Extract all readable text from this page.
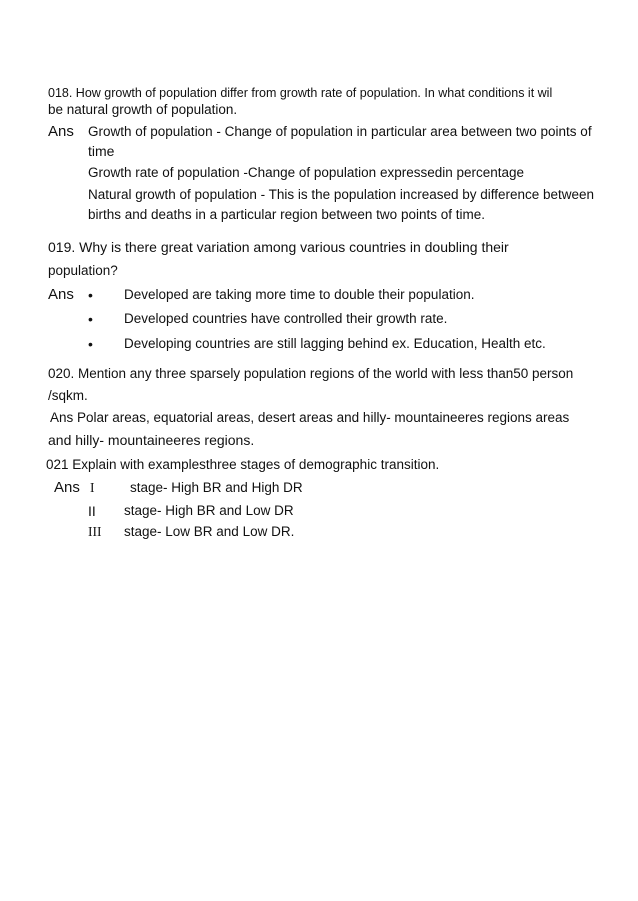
018. How growth of population differ from growth rate of population. In what conditions it wil
be natural growth of population.
Ans Growth of population - Change of population in particular area between two points of
time
Growth rate of population -Change of population expressedin percentage
Natural growth of population - This is the population increased by difference between
births and deaths in a particular region between two points of time.
019. Why is there great variation among various countries in doubling their
population?
Ans • Developed are taking more time to double their population.
• Developed countries have controlled their growth rate.
• Developing countries are still lagging behind ex. Education, Health etc.
020. Mention any three sparsely population regions of the world with less than50 person
/sqkm.
Ans Polar areas, equatorial areas, desert areas and hilly- mountaineeres regions areas
and hilly- mountaineeres regions.
021 Explain with examplesthree stages of demographic transition.
Ans I	stage- High BR and High DR
II stage- High BR and Low DR
III stage- Low BR and Low DR.
